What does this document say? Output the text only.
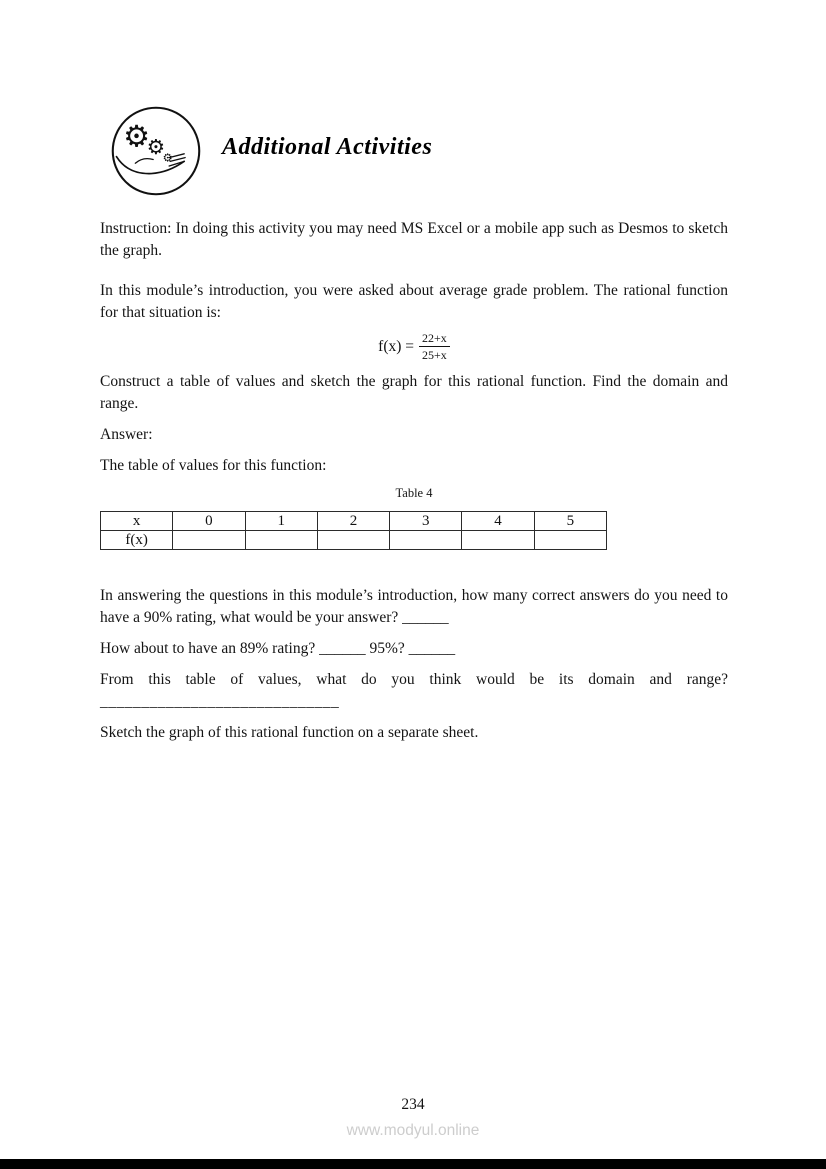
⚙
⚙
⚙ Additional Activities

Instruction: In doing this activity you may need MS Excel or a mobile app such as Desmos to sketch the graph.

In this module’s introduction, you were asked about average grade problem. The rational function for that situation is:

$f(x) = \frac{22+x}{25+x}$

Construct a table of values and sketch the graph for this rational function. Find the domain and range.

Answer:

The table of values for this function:

Table 4
x	0	1	2	3	4	5
f(x)						

In answering the questions in this module’s introduction, how many correct answers do you need to have a 90% rating, what would be your answer? ______

How about to have an 89% rating? ______ 95%? ______

From this table of values, what do you think would be its domain and range?

_____________________________

Sketch the graph of this rational function on a separate sheet.

234
www.modyul.online
